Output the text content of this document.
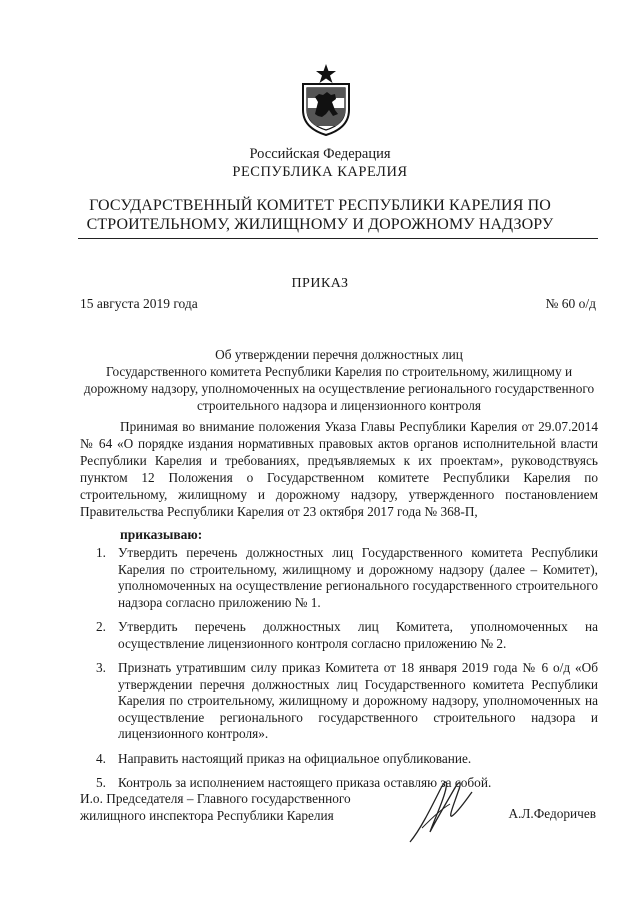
Российская Федерация
РЕСПУБЛИКА КАРЕЛИЯ
ГОСУДАРСТВЕННЫЙ КОМИТЕТ РЕСПУБЛИКИ КАРЕЛИЯ ПО
СТРОИТЕЛЬНОМУ, ЖИЛИЩНОМУ И ДОРОЖНОМУ НАДЗОРУ
ПРИКАЗ
15 августа 2019 года	№ 60 о/д
Об утверждении перечня должностных лиц
Государственного комитета Республики Карелия по строительному, жилищному и
дорожному надзору, уполномоченных на осуществление регионального государственного
строительного надзора и лицензионного контроля
Принимая во внимание положения Указа Главы Республики Карелия от 29.07.2014 № 64 «О порядке издания нормативных правовых актов органов исполнительной власти Республики Карелия и требованиях, предъявляемых к их проектам», руководствуясь пунктом 12 Положения о Государственном комитете Республики Карелия по строительному, жилищному и дорожному надзору, утвержденного постановлением Правительства Республики Карелия от 23 октября 2017 года № 368-П,
приказываю:
1. Утвердить перечень должностных лиц Государственного комитета Республики Карелия по строительному, жилищному и дорожному надзору (далее – Комитет), уполномоченных на осуществление регионального государственного строительного надзора согласно приложению № 1.
2. Утвердить перечень должностных лиц Комитета, уполномоченных на осуществление лицензионного контроля согласно приложению № 2.
3. Признать утратившим силу приказ Комитета от 18 января 2019 года № 6 о/д «Об утверждении перечня должностных лиц Государственного комитета Республики Карелия по строительному, жилищному и дорожному надзору, уполномоченных на осуществление регионального государственного строительного надзора и лицензионного контроля».
4. Направить настоящий приказ на официальное опубликование.
5. Контроль за исполнением настоящего приказа оставляю за собой.
И.о. Председателя – Главного государственного
жилищного инспектора Республики Карелия	А.Л.Федоричев
